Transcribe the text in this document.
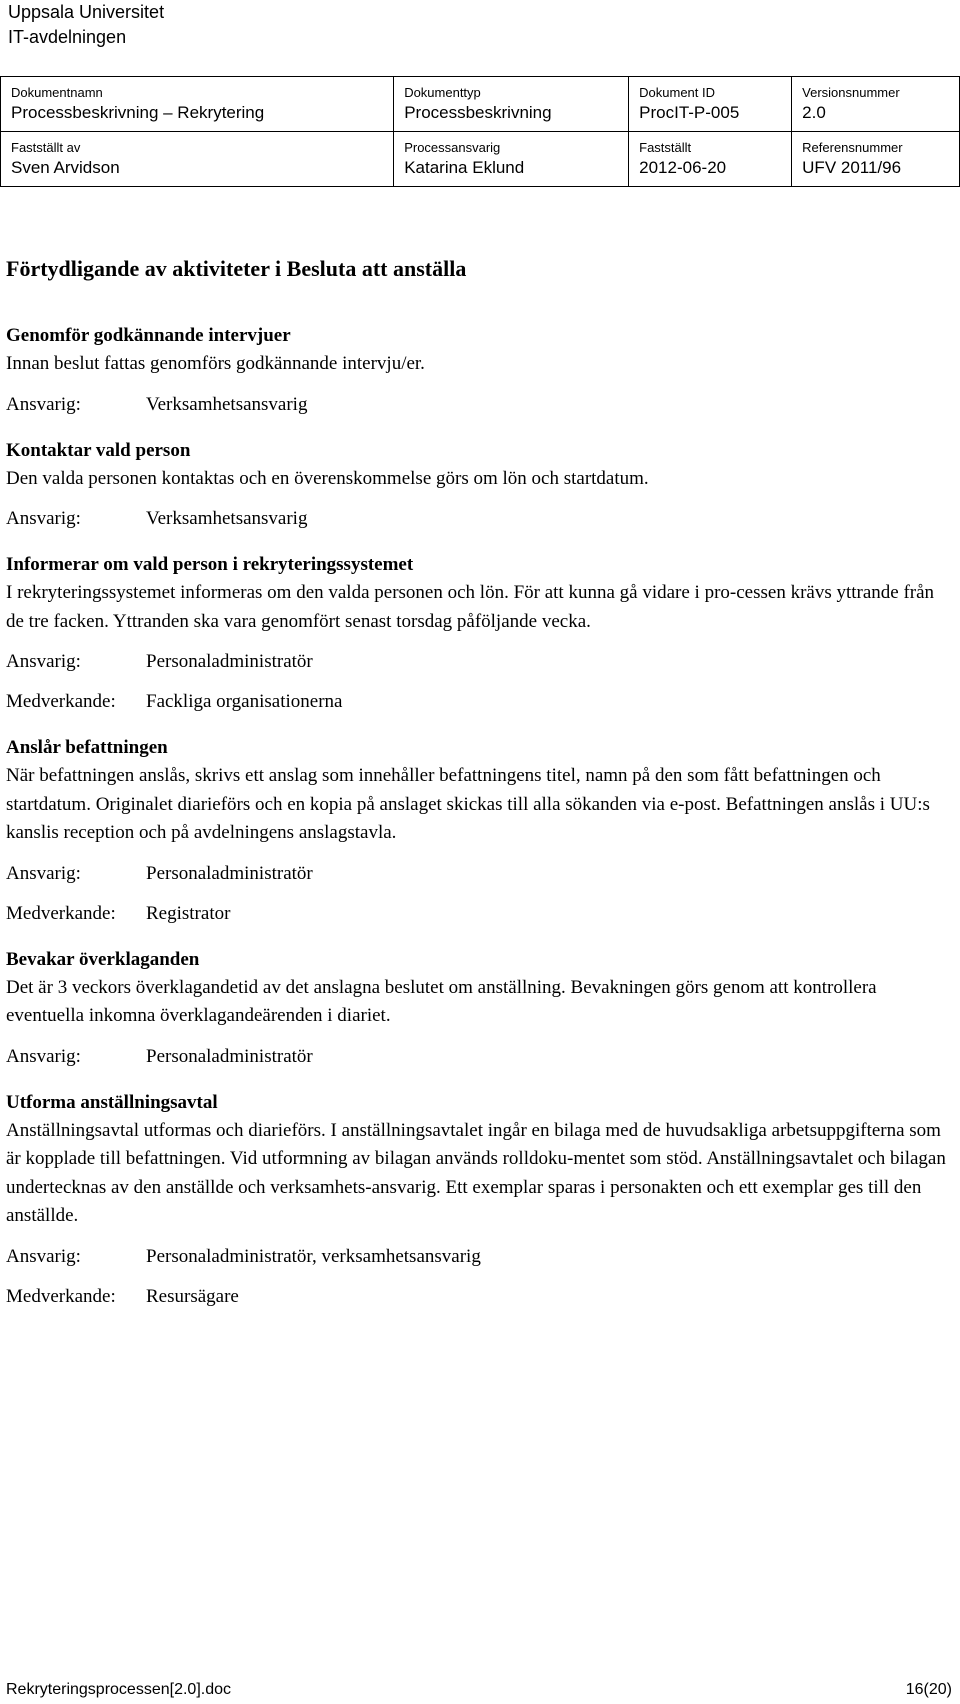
Uppsala Universitet
IT-avdelningen
Dokumentnamn	Dokumenttyp	Dokument ID	Versionsnummer
Processbeskrivning – Rekrytering	Processbeskrivning	ProcIT-P-005	2.0
Fastställt av	Processansvarig	Fastställt	Referensnummer
Sven Arvidson	Katarina Eklund	2012-06-20	UFV 2011/96
Förtydligande av aktiviteter i Besluta att anställa
Genomför godkännande intervjuer

Innan beslut fattas genomförs godkännande intervju/er.

Ansvarig:	Verksamhetsansvarig
Kontaktar vald person

Den valda personen kontaktas och en överenskommelse görs om lön och startdatum.

Ansvarig:	Verksamhetsansvarig
Informerar om vald person i rekryteringssystemet

I rekryteringssystemet informeras om den valda personen och lön. För att kunna gå vidare i pro-cessen krävs yttrande från de tre facken. Yttranden ska vara genomfört senast torsdag påföljande vecka.

Ansvarig:	Personaladministratör
Medverkande:	Fackliga organisationerna
Anslår befattningen

När befattningen anslås, skrivs ett anslag som innehåller befattningens titel, namn på den som fått befattningen och startdatum. Originalet diarieförs och en kopia på anslaget skickas till alla sökanden via e-post. Befattningen anslås i UU:s kanslis reception och på avdelningens anslagstavla.

Ansvarig:	Personaladministratör
Medverkande:	Registrator
Bevakar överklaganden

Det är 3 veckors överklagandetid av det anslagna beslutet om anställning. Bevakningen görs genom att kontrollera eventuella inkomna överklagandeärenden i diariet.

Ansvarig:	Personaladministratör
Utforma anställningsavtal

Anställningsavtal utformas och diarieförs. I anställningsavtalet ingår en bilaga med de huvudsakliga arbetsuppgifterna som är kopplade till befattningen. Vid utformning av bilagan används rolldoku-mentet som stöd. Anställningsavtalet och bilagan undertecknas av den anställde och verksamhets-ansvarig. Ett exemplar sparas i personakten och ett exemplar ges till den anställde.

Ansvarig:	Personaladministratör, verksamhetsansvarig
Medverkande:	Resursägare
Rekryteringsprocessen[2.0].doc	16(20)
